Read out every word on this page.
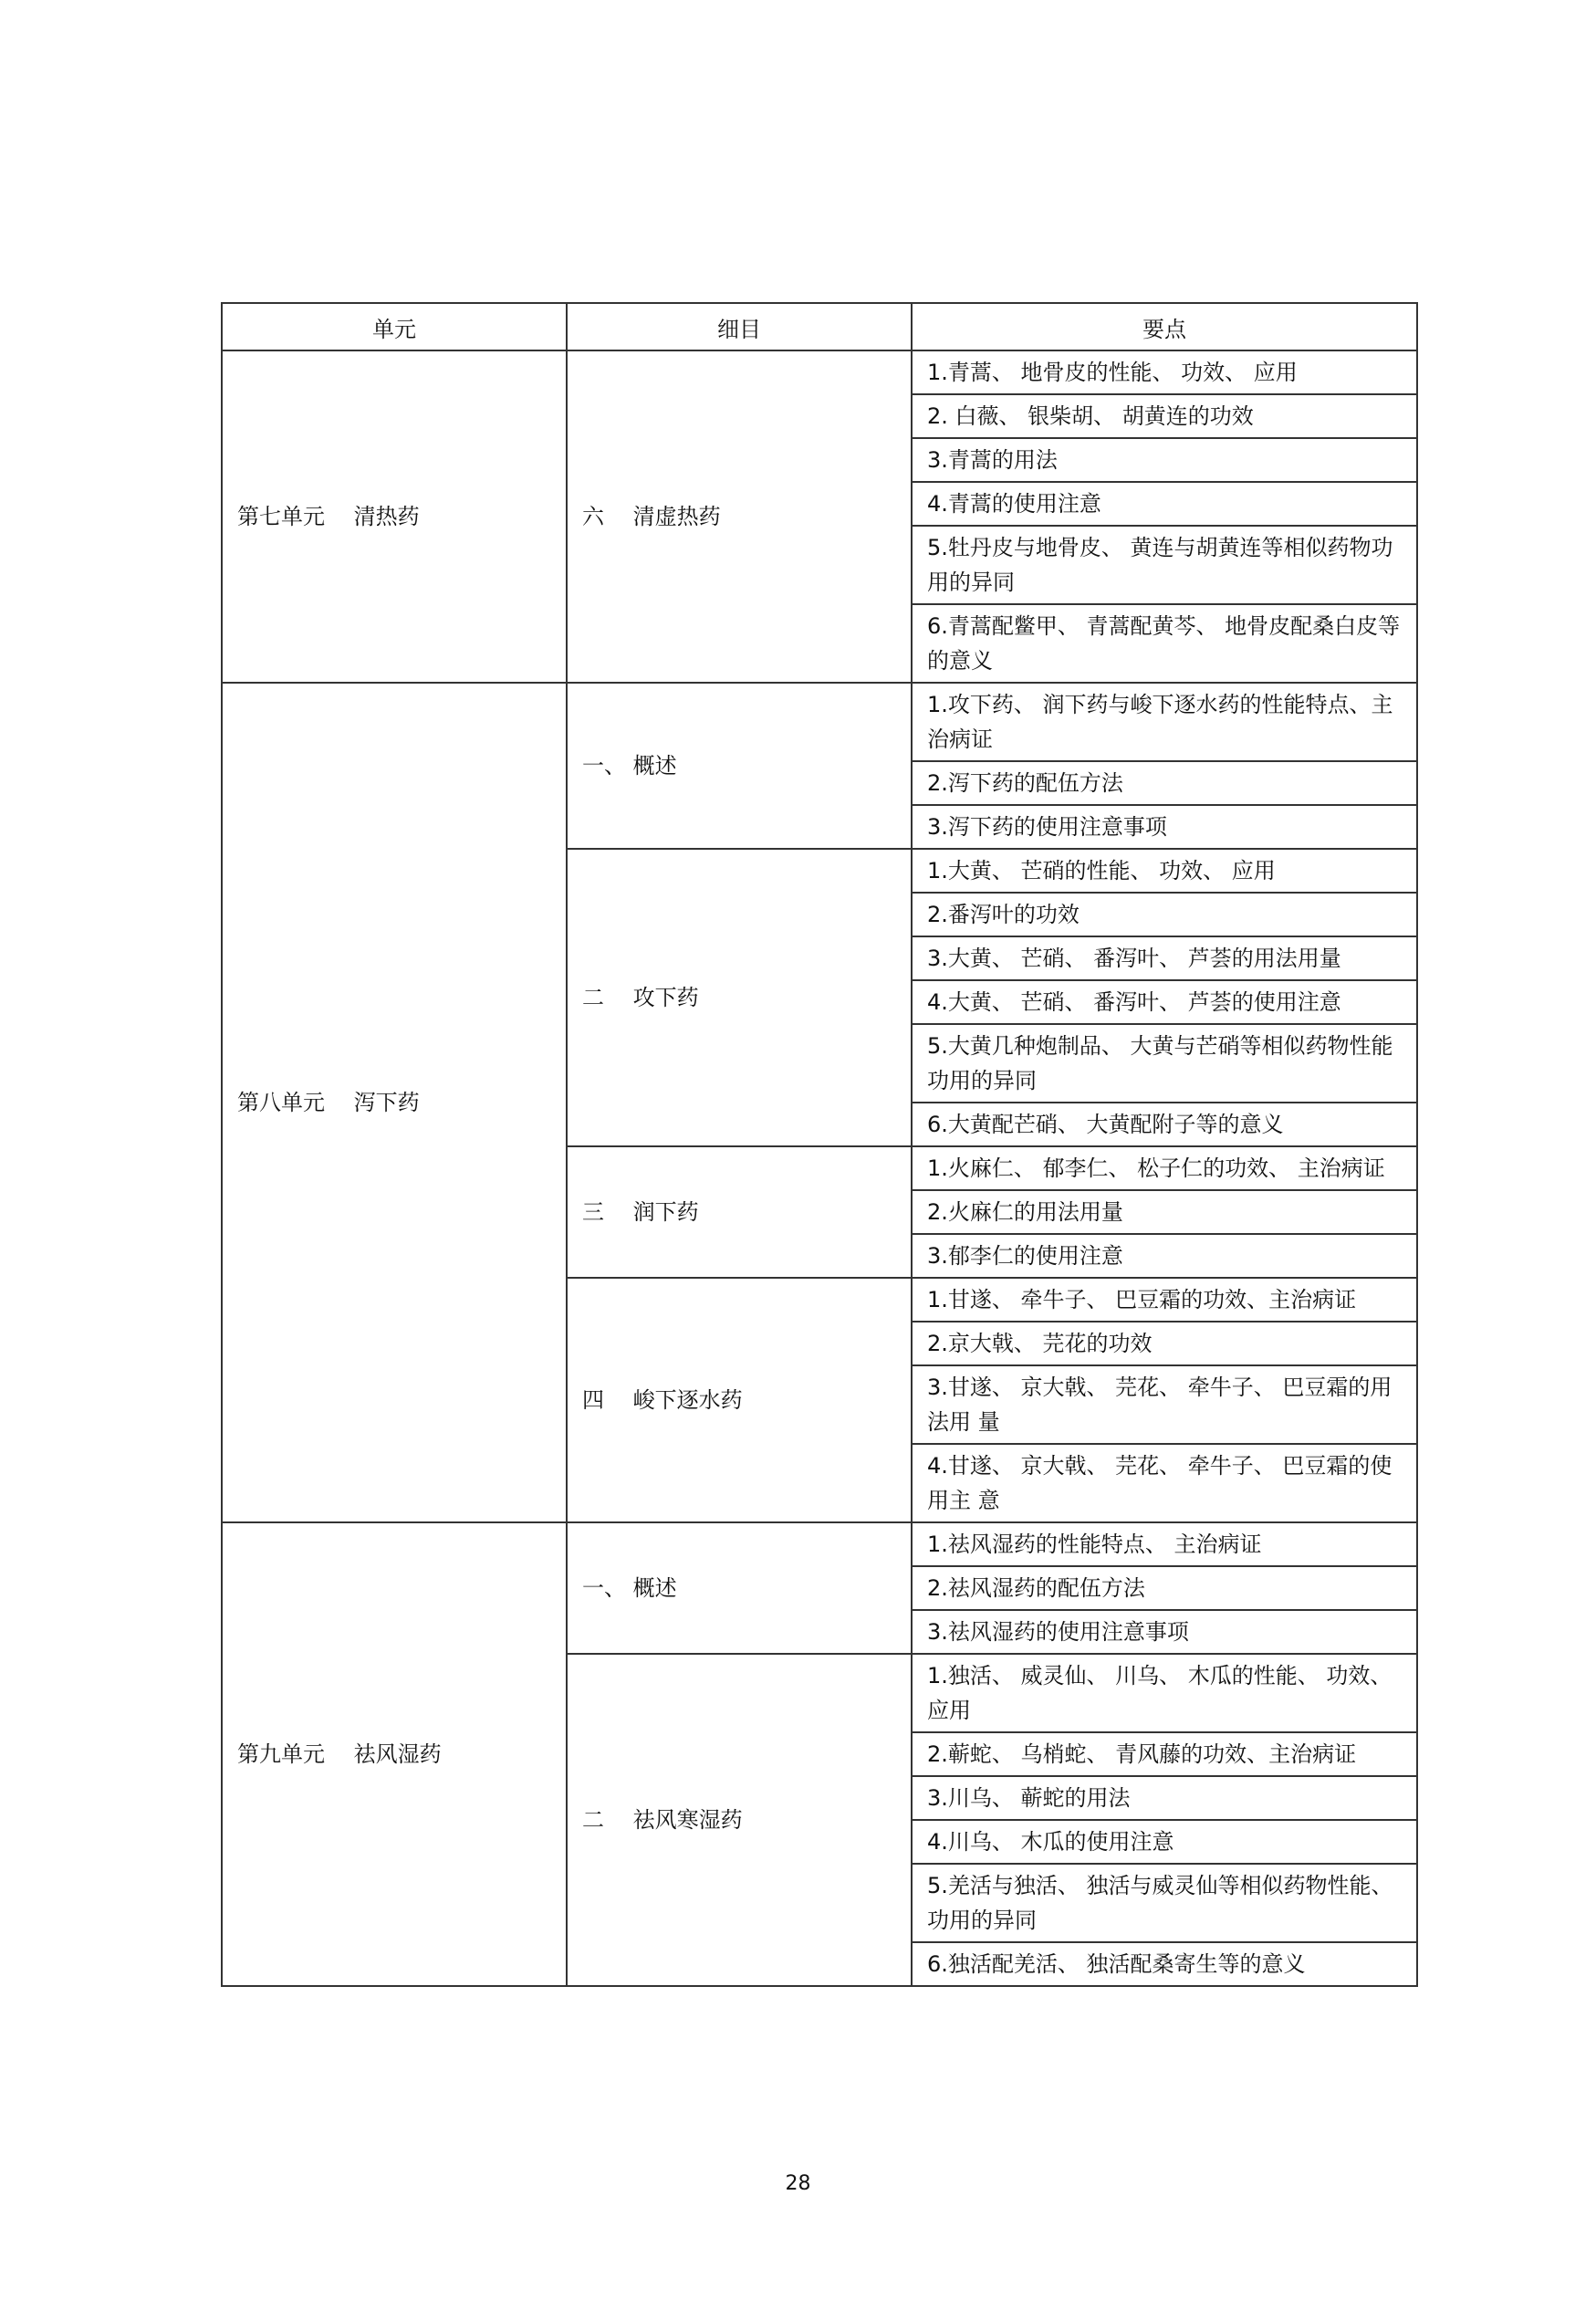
单元	细目	要点
第七单元　 清热药	六　 清虚热药	1.青蒿、 地骨皮的性能、 功效、 应用
		2. 白薇、 银柴胡、 胡黄连的功效
		3.青蒿的用法
		4.青蒿的使用注意
		5.牡丹皮与地骨皮、 黄连与胡黄连等相似药物功用的异同
		6.青蒿配鳖甲、 青蒿配黄芩、 地骨皮配桑白皮等的意义
第八单元　 泻下药	一、 概述	1.攻下药、 润下药与峻下逐水药的性能特点、主治病证
		2.泻下药的配伍方法
		3.泻下药的使用注意事项
	二　 攻下药	1.大黄、 芒硝的性能、 功效、 应用
		2.番泻叶的功效
		3.大黄、 芒硝、 番泻叶、 芦荟的用法用量
		4.大黄、 芒硝、 番泻叶、 芦荟的使用注意
		5.大黄几种炮制品、 大黄与芒硝等相似药物性能功用的异同
		6.大黄配芒硝、 大黄配附子等的意义
	三　 润下药	1.火麻仁、 郁李仁、 松子仁的功效、 主治病证
		2.火麻仁的用法用量
		3.郁李仁的使用注意
	四　 峻下逐水药	1.甘遂、 牵牛子、 巴豆霜的功效、主治病证
		2.京大戟、 芫花的功效
		3.甘遂、 京大戟、 芫花、 牵牛子、 巴豆霜的用法用 量
		4.甘遂、 京大戟、 芫花、 牵牛子、 巴豆霜的使用主 意
第九单元　 祛风湿药	一、 概述	1.祛风湿药的性能特点、 主治病证
		2.祛风湿药的配伍方法
		3.祛风湿药的使用注意事项
	二　 祛风寒湿药	1.独活、 威灵仙、 川乌、 木瓜的性能、 功效、 应用
		2.蕲蛇、 乌梢蛇、 青风藤的功效、主治病证
		3.川乌、 蕲蛇的用法
		4.川乌、 木瓜的使用注意
		5.羌活与独活、 独活与威灵仙等相似药物性能、 功用的异同
		6.独活配羌活、 独活配桑寄生等的意义
28
